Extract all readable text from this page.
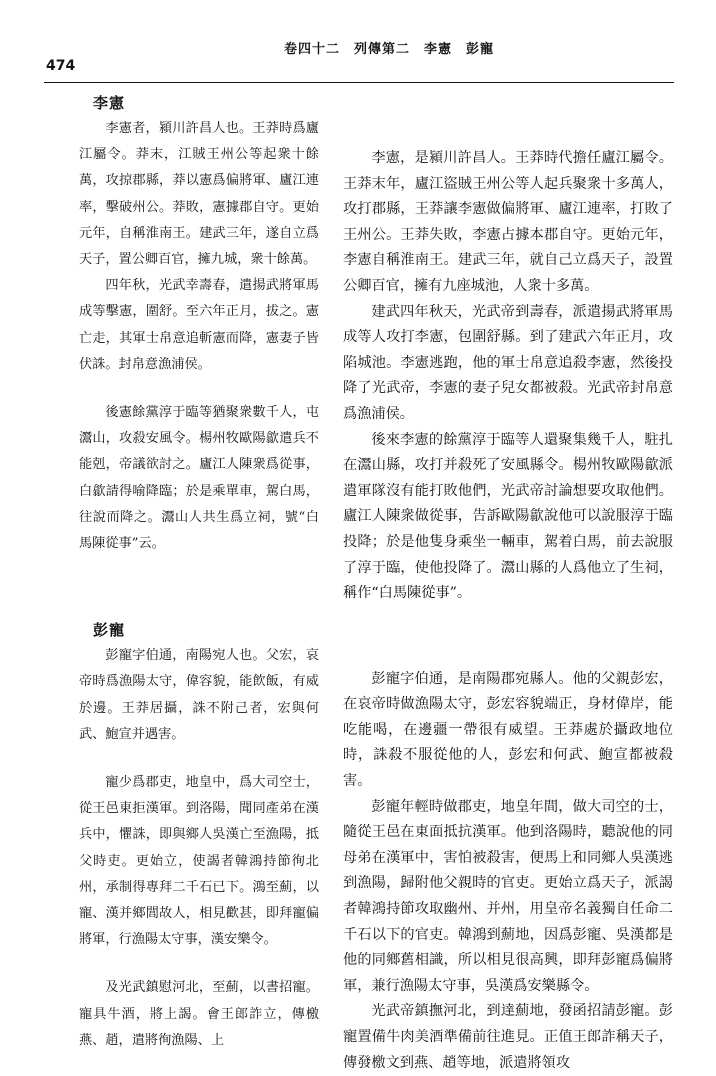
474
卷四十二　列傳第二　李憲　彭寵
李憲

李憲者，潁川許昌人也。王莽時爲廬江屬令。莽末，江賊王州公等起衆十餘萬，攻掠郡縣，莽以憲爲偏將軍、廬江連率，擊破州公。莽敗，憲據郡自守。更始元年，自稱淮南王。建武三年，遂自立爲天子，置公卿百官，擁九城，衆十餘萬。

四年秋，光武幸壽春，遣揚武將軍馬成等擊憲，圍舒。至六年正月，拔之。憲亡走，其軍士帛意追斬憲而降，憲妻子皆伏誅。封帛意漁浦侯。

後憲餘黨淳于臨等猶聚衆數千人，屯灊山，攻殺安風令。楊州牧歐陽歙遣兵不能剋，帝議欲討之。廬江人陳衆爲從事，白歙請得喻降臨；於是乘單車，駕白馬，往說而降之。灊山人共生爲立祠，號“白馬陳從事”云。

彭寵

彭寵字伯通，南陽宛人也。父宏，哀帝時爲漁陽太守，偉容貌，能飲飯，有威於邊。王莽居攝，誅不附己者，宏與何武、鮑宣并遇害。

寵少爲郡吏，地皇中，爲大司空士，從王邑東拒漢軍。到洛陽，聞同產弟在漢兵中，懼誅，即與鄉人吳漢亡至漁陽，抵父時吏。更始立，使謁者韓鴻持節徇北州，承制得專拜二千石已下。鴻至薊，以寵、漢并鄉閭故人，相見歡甚，即拜寵偏將軍，行漁陽太守事，漢安樂令。

及光武鎮慰河北，至薊，以書招寵。寵具牛酒，將上謁。會王郎詐立，傳檄燕、趙，遣將徇漁陽、上

李憲，是潁川許昌人。王莽時代擔任廬江屬令。王莽末年，廬江盜賊王州公等人起兵聚衆十多萬人，攻打郡縣，王莽讓李憲做偏將軍、廬江連率，打敗了王州公。王莽失敗，李憲占據本郡自守。更始元年，李憲自稱淮南王。建武三年，就自己立爲天子，設置公卿百官，擁有九座城池，人衆十多萬。

建武四年秋天，光武帝到壽春，派遣揚武將軍馬成等人攻打李憲，包圍舒縣。到了建武六年正月，攻陷城池。李憲逃跑，他的軍士帛意追殺李憲，然後投降了光武帝，李憲的妻子兒女都被殺。光武帝封帛意爲漁浦侯。

後來李憲的餘黨淳于臨等人還聚集幾千人，駐扎在灊山縣，攻打并殺死了安風縣令。楊州牧歐陽歙派遣軍隊沒有能打敗他們，光武帝討論想要攻取他們。廬江人陳衆做從事，告訴歐陽歙說他可以說服淳于臨投降；於是他隻身乘坐一輛車，駕着白馬，前去說服了淳于臨，使他投降了。灊山縣的人爲他立了生祠，稱作“白馬陳從事”。

彭寵字伯通，是南陽郡宛縣人。他的父親彭宏，在哀帝時做漁陽太守，彭宏容貌端正，身材偉岸，能吃能喝，在邊疆一帶很有威望。王莽處於攝政地位時，誅殺不服從他的人，彭宏和何武、鮑宣都被殺害。

彭寵年輕時做郡吏，地皇年間，做大司空的士，隨從王邑在東面抵抗漢軍。他到洛陽時，聽說他的同母弟在漢軍中，害怕被殺害，便馬上和同鄉人吳漢逃到漁陽，歸附他父親時的官吏。更始立爲天子，派謁者韓鴻持節攻取幽州、并州，用皇帝名義獨自任命二千石以下的官吏。韓鴻到薊地，因爲彭寵、吳漢都是他的同鄉舊相識，所以相見很高興，即拜彭寵爲偏將軍，兼行漁陽太守事，吳漢爲安樂縣令。

光武帝鎮撫河北，到達薊地，發函招請彭寵。彭寵置備牛肉美酒準備前往進見。正值王郎詐稱天子，傳發檄文到燕、趙等地，派遣將領攻
